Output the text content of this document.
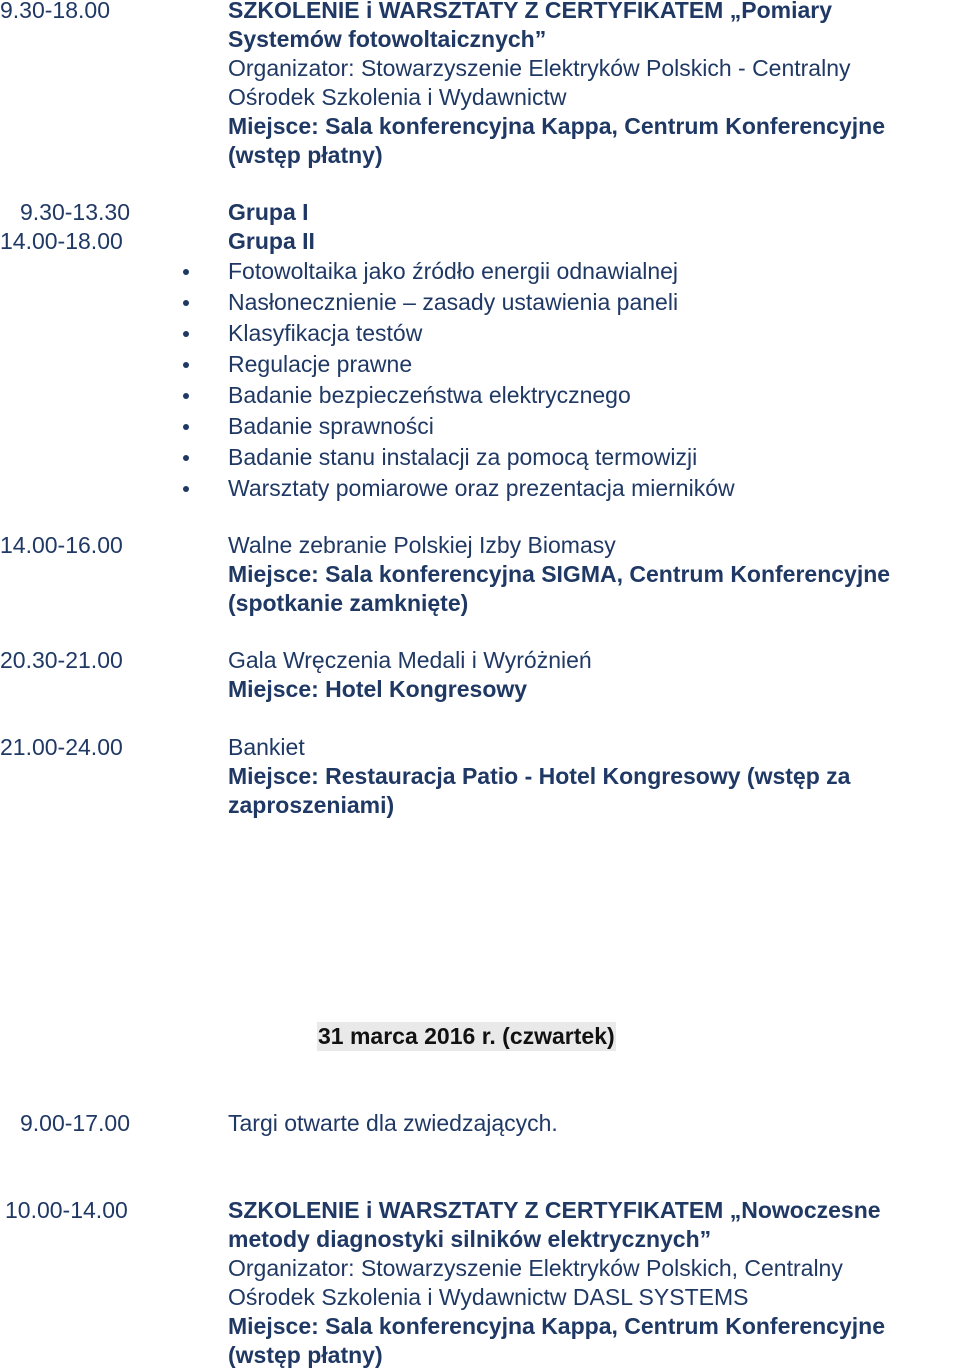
9.30-18.00	SZKOLENIE i WARSZTATY Z CERTYFIKATEM „Pomiary
Systemów fotowoltaicznych”
Organizator: Stowarzyszenie Elektryków Polskich - Centralny
Ośrodek Szkolenia i Wydawnictw
Miejsce: Sala konferencyjna Kappa, Centrum Konferencyjne
(wstęp płatny)
9.30-13.30	Grupa I
14.00-18.00	Grupa II
Fotowoltaika jako źródło energii odnawialnej
Nasłonecznienie – zasady ustawienia paneli
Klasyfikacja testów
Regulacje prawne
Badanie bezpieczeństwa elektrycznego
Badanie sprawności
Badanie stanu instalacji za pomocą termowizji
Warsztaty pomiarowe oraz prezentacja mierników
14.00-16.00	Walne zebranie Polskiej Izby Biomasy
Miejsce: Sala konferencyjna SIGMA, Centrum Konferencyjne
(spotkanie zamknięte)
20.30-21.00	Gala Wręczenia Medali i Wyróżnień
Miejsce: Hotel Kongresowy
21.00-24.00	Bankiet
Miejsce: Restauracja Patio - Hotel Kongresowy (wstęp za
zaproszeniami)
31 marca 2016 r. (czwartek)
9.00-17.00	Targi otwarte dla zwiedzających.
10.00-14.00	SZKOLENIE i WARSZTATY Z CERTYFIKATEM „Nowoczesne
metody diagnostyki silników elektrycznych”
Organizator: Stowarzyszenie Elektryków Polskich, Centralny
Ośrodek Szkolenia i Wydawnictw DASL SYSTEMS
Miejsce: Sala konferencyjna Kappa, Centrum Konferencyjne
(wstęp płatny)
